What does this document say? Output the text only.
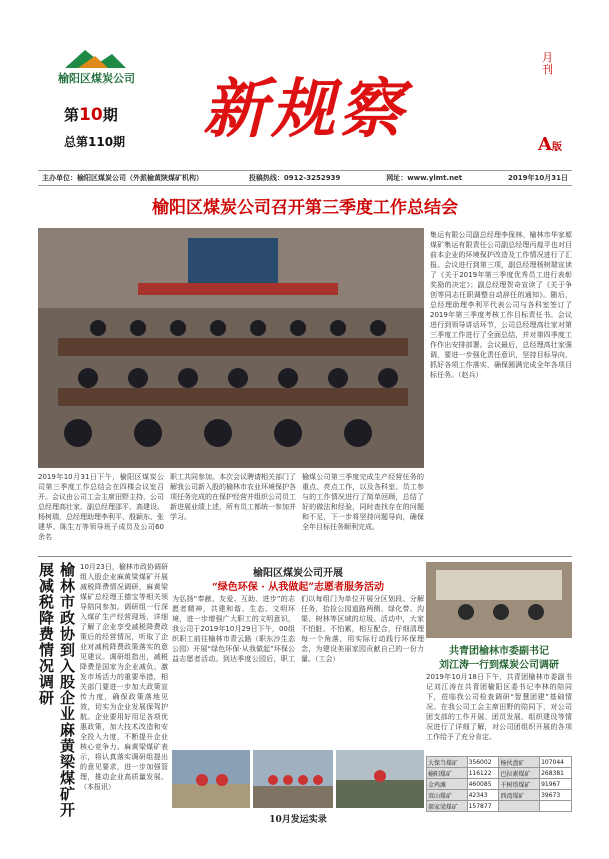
榆阳区煤炭公司
第10期
总第110期 新规察
月刊
A版
主办单位：榆阳区煤炭公司（外派榆黄陕煤矿机构）	投稿热线：0912-3252939	网址：www.ylmt.net	2019年10月31日
榆阳区煤炭公司召开第三季度工作总结会
2019年10月31日下午，榆阳区煤炭公司第三季度工作总结会在四楼会议室召开。会议由公司工会主席田野主持，公司总经理高壮家、副总经理邵平、高建设、杨树瑞，总经理助理李利平、殷颖东、张建华、陈生万等领导班子成员及公司60余名
职工共同参加。本次会议聘请相关部门了解我公司新入股的榆林市农业环境保护各项任务完成的在保护经营并组织公司员工新进展业绩上述，所有员工都统一参加并学习。
榆煤公司第三季度完成生产经营任务的重点、亮点工作，以及各科室、员工参与的工作情况进行了简单回顾，总结了好的做法和经验，同时查找存在的问题和不足，下一步将坚持问题导向，确保全年目标任务顺利完成。
集运有限公司副总经理李保林、榆林市华家塬煤矿集运有限责任公司副总经理丙煌平也对目前本企业的环境保护改造及工作情况进行了汇报。会议进行到第三项，副总经理杨树瑞宣读了《关于2019年第三季度优秀员工进行表彰奖励的决定》；副总经理贺奇宣读了《关于争创等同志任职调整自动辞任的通知》。随后，总经理助理李利平代表公司与各科室签订了2019年第三季度考核工作目标责任书。会议进行到领导讲话环节，公司总经理高壮家对第三季度工作进行了全面总结，并对第四季度工作作出安排部署。会议最后，总经理高壮家强调，要进一步强化责任意识，坚持目标导向，抓好各项工作落实，确保圆满完成全年各项目标任务。（赵兵）
榆林市政协到入股企业麻黄梁煤矿开展减税降费情况调研	10月23日，榆林市政协调研组入股企业麻黄梁煤矿开展减税降费情况调研，麻黄梁煤矿总经理王德宝等相关领导陪同参加。调研组一行深入煤矿生产经营现场，详细了解了企业享受减税降费政策后的经营情况，听取了企业对减税降费政策落实的意见建议。调研组指出，减税降费是国家为企业减负、激发市场活力的重要举措，相关部门要进一步加大政策宣传力度，确保政策落地见效，切实为企业发展保驾护航。企业要用好用足各项优惠政策，加大技术改造和安全投入力度，不断提升企业核心竞争力。麻黄梁煤矿表示，将认真落实调研组提出的意见要求，进一步加强管理，推动企业高质量发展。（本报讯）
榆阳区煤炭公司开展
“绿色环保 · 从我做起”志愿者服务活动
为弘扬“奉献、友爱、互助、进步”的志愿者精神，共建和谐、生态、文明环境，进一步增强广大职工的文明意识，我公司于2019年10月29日下午，00组织职工前往榆林市青云路（职东沙生态公园）开展“绿色环保·从我做起”环保公益志愿者活动。到达季度公园后，职工们以每组门为单位开展分区划段、分解任务，拾捡公园道路两侧、绿化带、沟渠、树林等区域的垃圾。活动中，大家不怕脏、不怕累，相互配合，仔细清理每一个角落，用实际行动践行环保理念，为建设美丽家园贡献自己的一份力量。（工会）
共青团榆林市委副书记
刘江涛一行到煤炭公司调研
2019年10月18日下午，共青团榆林市委副书记刘江涛在共青团榆阳区委书记李林的陪同下，莅临我公司检查调研“智慧团建”基础情况。在我公司工会主席田野的陪同下，对公司团支部的工作开展、团员发展、组织建设等情况进行了详细了解，对公司团组织开展的各项工作给予了充分肯定。
10月发运实录
大保当煤矿	356002	杨伙盘矿	107044
榆阳煤矿	116122	巴拉素煤矿	268381
金鸡滩	460085	千树塔煤矿	91967
双山煤矿	42343	西湾煤矿	39673
郝家梁煤矿	157877		
